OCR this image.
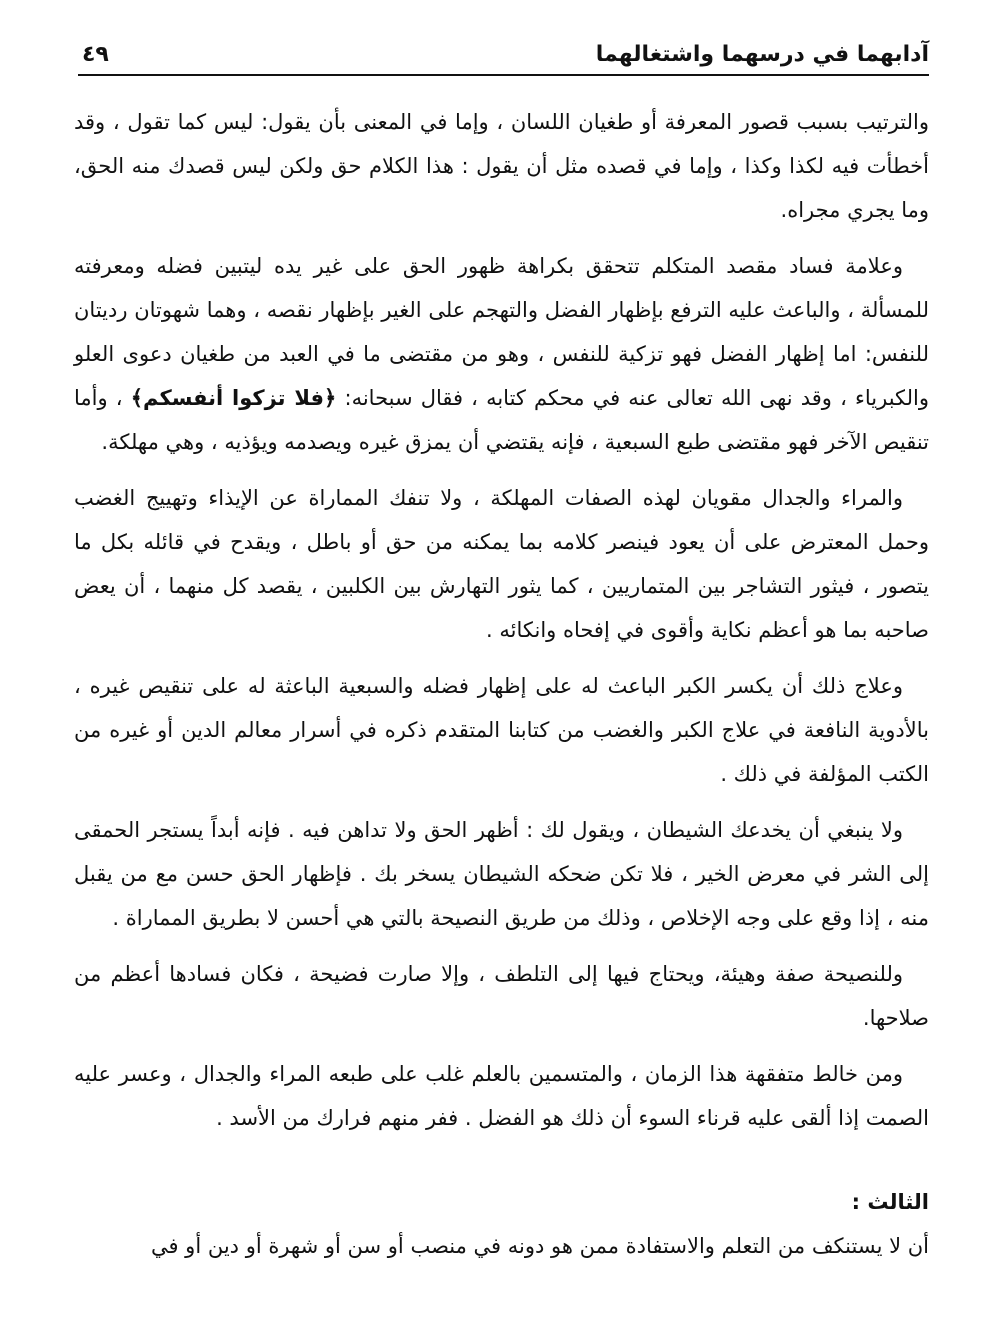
آدابهما في درسهما واشتغالهما
٤٩

والترتيب بسبب قصور المعرفة أو طغيان اللسان ، وإما في المعنى بأن يقول: ليس كما تقول ، وقد أخطأت فيه لكذا وكذا ، وإما في قصده مثل أن يقول : هذا الكلام حق ولكن ليس قصدك منه الحق، وما يجري مجراه.

وعلامة فساد مقصد المتكلم تتحقق بكراهة ظهور الحق على غير يده ليتبين فضله ومعرفته للمسألة ، والباعث عليه الترفع بإظهار الفضل والتهجم على الغير بإظهار نقصه ، وهما شهوتان رديتان للنفس: اما إظهار الفضل فهو تزكية للنفس ، وهو من مقتضى ما في العبد من طغيان دعوى العلو والكبرياء ، وقد نهى الله تعالى عنه في محكم كتابه ، فقال سبحانه: ﴿فلا تزكوا أنفسكم﴾ ، وأما تنقيص الآخر فهو مقتضى طبع السبعية ، فإنه يقتضي أن يمزق غيره ويصدمه ويؤذيه ، وهي مهلكة.

والمراء والجدال مقويان لهذه الصفات المهلكة ، ولا تنفك المماراة عن الإيذاء وتهييج الغضب وحمل المعترض على أن يعود فينصر كلامه بما يمكنه من حق أو باطل ، ويقدح في قائله بكل ما يتصور ، فيثور التشاجر بين المتماريين ، كما يثور التهارش بين الكلبين ، يقصد كل منهما ، أن يعض صاحبه بما هو أعظم نكاية وأقوى في إفحاه وانكائه .

وعلاج ذلك أن يكسر الكبر الباعث له على إظهار فضله والسبعية الباعثة له على تنقيص غيره ، بالأدوية النافعة في علاج الكبر والغضب من كتابنا المتقدم ذكره في أسرار معالم الدين أو غيره من الكتب المؤلفة في ذلك .

ولا ينبغي أن يخدعك الشيطان ، ويقول لك : أظهر الحق ولا تداهن فيه . فإنه أبداً يستجر الحمقى إلى الشر في معرض الخير ، فلا تكن ضحكه الشيطان يسخر بك . فإظهار الحق حسن مع من يقبل منه ، إذا وقع على وجه الإخلاص ، وذلك من طريق النصيحة بالتي هي أحسن لا بطريق المماراة .

وللنصيحة صفة وهيئة، ويحتاج فيها إلى التلطف ، وإلا صارت فضيحة ، فكان فسادها أعظم من صلاحها.

ومن خالط متفقهة هذا الزمان ، والمتسمين بالعلم غلب على طبعه المراء والجدال ، وعسر عليه الصمت إذا ألقى عليه قرناء السوء أن ذلك هو الفضل . ففر منهم فرارك من الأسد .

الثالث :

أن لا يستنكف من التعلم والاستفادة ممن هو دونه في منصب أو سن أو شهرة أو دين أو في
